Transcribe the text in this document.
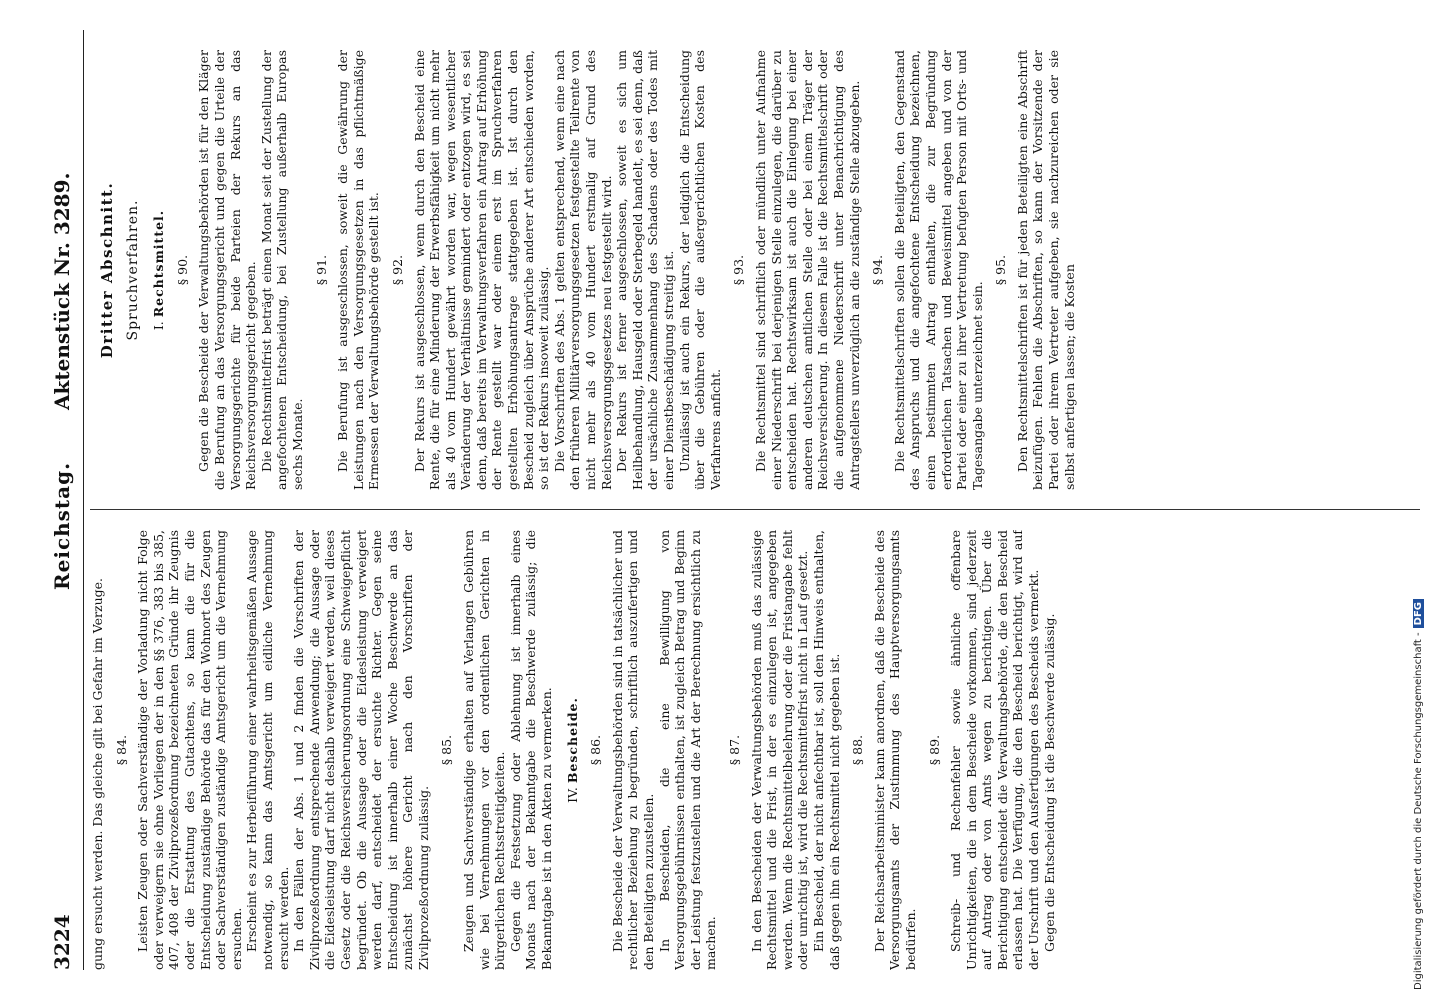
3224
Reichstag.
Aktenstück Nr. 3289.

gung ersucht werden. Das gleiche gilt bei Gefahr im Verzuge. § 84. Leisten Zeugen oder Sachverständige der Vorladung nicht Folge oder verweigern sie ohne Vorliegen der in den §§ 376, 383 bis 385, 407, 408 der Zivilprozeßordnung bezeichneten Gründe ihr Zeugnis oder die Erstattung des Gutachtens, so kann die für die Entscheidung zuständige Behörde das für den Wohnort des Zeugen oder Sachverständigen zuständige Amtsgericht um die Vernehmung ersuchen. Erscheint es zur Herbeiführung einer wahrheitsgemäßen Aussage notwendig, so kann das Amtsgericht um eidliche Vernehmung ersucht werden. In den Fällen der Abs. 1 und 2 finden die Vorschriften der Zivilprozeßordnung entsprechende Anwendung; die Aussage oder die Eidesleistung darf nicht deshalb verweigert werden, weil dieses Gesetz oder die Reichsversicherungsordnung eine Schweigepflicht begründet. Ob die Aussage oder die Eidesleistung verweigert werden darf, entscheidet der ersuchte Richter. Gegen seine Entscheidung ist innerhalb einer Woche Beschwerde an das zunächst höhere Gericht nach den Vorschriften der Zivilprozeßordnung zulässig.

§ 85. Zeugen und Sachverständige erhalten auf Verlangen Gebühren wie bei Vernehmungen vor den ordentlichen Gerichten in bürgerlichen Rechtsstreitigkeiten. Gegen die Festsetzung oder Ablehnung ist innerhalb eines Monats nach der Bekanntgabe die Beschwerde zulässig; die Bekanntgabe ist in den Akten zu vermerken. IV. Bescheide. § 86. Die Bescheide der Verwaltungsbehörden sind in tatsächlicher und rechtlicher Beziehung zu begründen, schriftlich auszufertigen und den Beteiligten zuzustellen. In Bescheiden, die eine Bewilligung von Versorgungsgebührnissen enthalten, ist zugleich Betrag und Beginn der Leistung festzustellen und die Art der Berechnung ersichtlich zu machen.

§ 87. In den Bescheiden der Verwaltungsbehörden muß das zulässige Rechtsmittel und die Frist, in der es einzulegen ist, angegeben werden. Wenn die Rechtsmittelbelehrung oder die Fristangabe fehlt oder unrichtig ist, wird die Rechtsmittelfrist nicht in Lauf gesetzt. Ein Bescheid, der nicht anfechtbar ist, soll den Hinweis enthalten, daß gegen ihn ein Rechtsmittel nicht gegeben ist. § 88. Der Reichsarbeitsminister kann anordnen, daß die Bescheide des Versorgungsamts der Zustimmung des Hauptversorgungsamts bedürfen.

§ 89. Schreib- und Rechenfehler sowie ähnliche offenbare Unrichtigkeiten, die in dem Bescheide vorkommen, sind jederzeit auf Antrag oder von Amts wegen zu berichtigen. Über die Berichtigung entscheidet die Verwaltungsbehörde, die den Bescheid erlassen hat. Die Verfügung, die den Bescheid berichtigt, wird auf der Urschrift und den Ausfertigungen des Bescheids vermerkt. Gegen die Entscheidung ist die Beschwerde zulässig.

Dritter Abschnitt. Spruchverfahren. I. Rechtsmittel. § 90. Gegen die Bescheide der Verwaltungsbehörden ist für den Kläger die Berufung an das Versorgungsgericht und gegen die Urteile der Versorgungsgerichte für beide Parteien der Rekurs an das Reichsversorgungsgericht gegeben. Die Rechtsmittelfrist beträgt einen Monat seit der Zustellung der angefochtenen Entscheidung, bei Zustellung außerhalb Europas sechs Monate.

§ 91. Die Berufung ist ausgeschlossen, soweit die Gewährung der Leistungen nach den Versorgungsgesetzen in das pflichtmäßige Ermessen der Verwaltungsbehörde gestellt ist. § 92. Der Rekurs ist ausgeschlossen, wenn durch den Bescheid eine Rente, die für eine Minderung der Erwerbsfähigkeit um nicht mehr als 40 vom Hundert gewährt worden war, wegen wesentlicher Veränderung der Verhältnisse gemindert oder entzogen wird, es sei denn, daß bereits im Verwaltungsverfahren ein Antrag auf Erhöhung der Rente gestellt war oder einem erst im Spruchverfahren gestellten Erhöhungsantrage stattgegeben ist. Ist durch den Bescheid zugleich über Ansprüche anderer Art entschieden worden, so ist der Rekurs insoweit zulässig. Die Vorschriften des Abs. 1 gelten entsprechend, wenn eine nach den früheren Militärversorgungsgesetzen festgestellte Teilrente von nicht mehr als 40 vom Hundert erstmalig auf Grund des Reichsversorgungsgesetzes neu festgestellt wird. Der Rekurs ist ferner ausgeschlossen, soweit es sich um Heilbehandlung, Hausgeld oder Sterbegeld handelt, es sei denn, daß der ursächliche Zusammenhang des Schadens oder des Todes mit einer Dienstbeschädigung streitig ist. Unzulässig ist auch ein Rekurs, der lediglich die Entscheidung über die Gebühren oder die außergerichtlichen Kosten des Verfahrens anficht.

§ 93. Die Rechtsmittel sind schriftlich oder mündlich unter Aufnahme einer Niederschrift bei derjenigen Stelle einzulegen, die darüber zu entscheiden hat. Rechtswirksam ist auch die Einlegung bei einer anderen deutschen amtlichen Stelle oder bei einem Träger der Reichsversicherung. In diesem Falle ist die Rechtsmittelschrift oder die aufgenommene Niederschrift unter Benachrichtigung des Antragstellers unverzüglich an die zuständige Stelle abzugeben. § 94. Die Rechtsmittelschriften sollen die Beteiligten, den Gegenstand des Anspruchs und die angefochtene Entscheidung bezeichnen, einen bestimmten Antrag enthalten, die zur Begründung erforderlichen Tatsachen und Beweismittel angeben und von der Partei oder einer zu ihrer Vertretung befugten Person mit Orts- und Tagesangabe unterzeichnet sein.

§ 95. Den Rechtsmittelschriften ist für jeden Beteiligten eine Abschrift beizufügen. Fehlen die Abschriften, so kann der Vorsitzende der Partei oder ihrem Vertreter aufgeben, sie nachzureichen oder sie selbst anfertigen lassen; die Kosten

Digitalisierung gefördert durch die Deutsche Forschungsgemeinschaft -DFG
